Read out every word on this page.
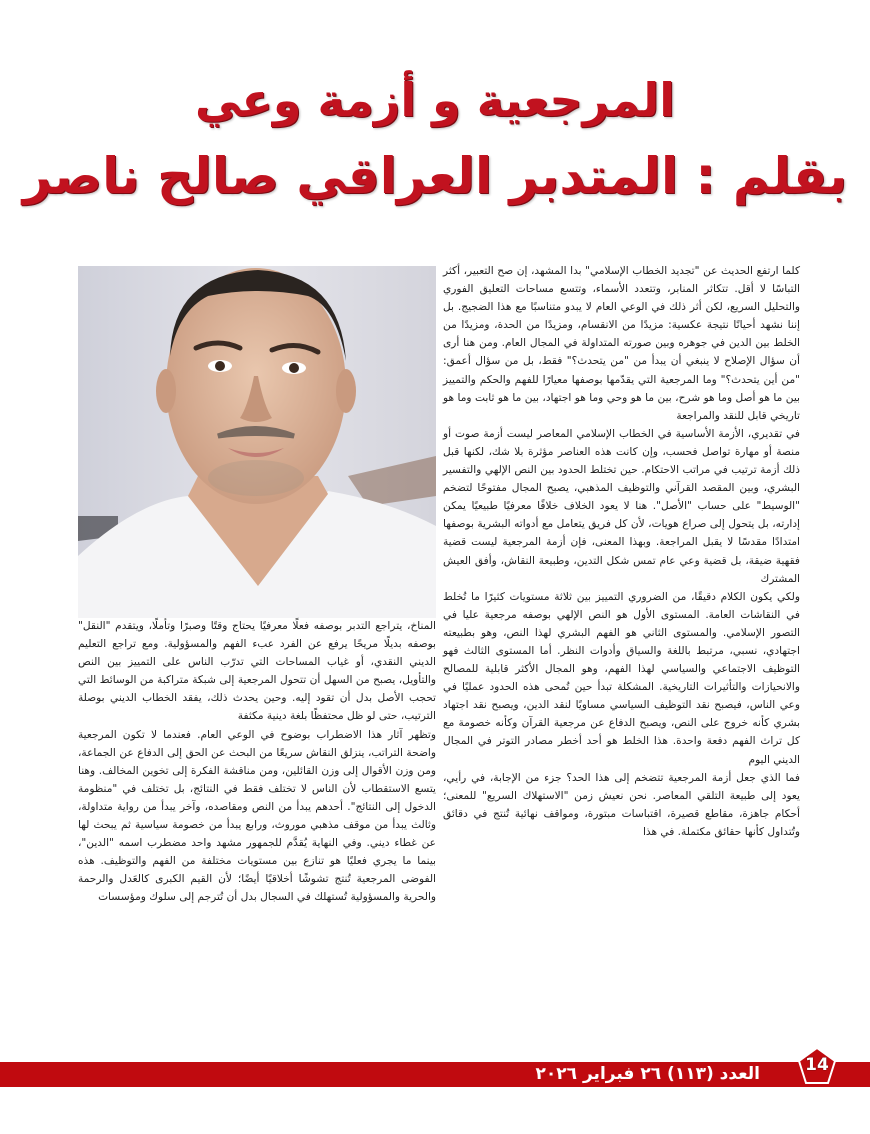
المرجعية و أزمة وعي
بقلم : المتدبر العراقي صالح ناصر

كلما ارتفع الحديث عن "تجديد الخطاب الإسلامي" بدا المشهد، إن صح التعبير، أكثر التباسًا لا أقل. تتكاثر المنابر، وتتعدد الأسماء، وتتسع مساحات التعليق الفوري والتحليل السريع، لكن أثر ذلك في الوعي العام لا يبدو متناسبًا مع هذا الضجيج. بل إننا نشهد أحيانًا نتيجة عكسية: مزيدًا من الانقسام، ومزيدًا من الحدة، ومزيدًا من الخلط بين الدين في جوهره وبين صورته المتداولة في المجال العام. ومن هنا أرى أن سؤال الإصلاح لا ينبغي أن يبدأ من "من يتحدث؟" فقط، بل من سؤال أعمق: "من أين يتحدث؟" وما المرجعية التي يقدّمها بوصفها معيارًا للفهم والحكم والتمييز بين ما هو أصل وما هو شرح، بين ما هو وحي وما هو اجتهاد، بين ما هو ثابت وما هو تاريخي قابل للنقد والمراجعة

في تقديري، الأزمة الأساسية في الخطاب الإسلامي المعاصر ليست أزمة صوت أو منصة أو مهارة تواصل فحسب، وإن كانت هذه العناصر مؤثرة بلا شك، لكنها قبل ذلك أزمة ترتيب في مراتب الاحتكام. حين تختلط الحدود بين النص الإلهي والتفسير البشري، وبين المقصد القرآني والتوظيف المذهبي، يصبح المجال مفتوحًا لتضخم "الوسيط" على حساب "الأصل". هنا لا يعود الخلاف خلافًا معرفيًا طبيعيًا يمكن إدارته، بل يتحول إلى صراع هويات، لأن كل فريق يتعامل مع أدواته البشرية بوصفها امتدادًا مقدسًا لا يقبل المراجعة. وبهذا المعنى، فإن أزمة المرجعية ليست قضية فقهية ضيقة، بل قضية وعي عام تمس شكل التدين، وطبيعة النقاش، وأفق العيش المشترك

ولكي يكون الكلام دقيقًا، من الضروري التمييز بين ثلاثة مستويات كثيرًا ما تُخلط في النقاشات العامة. المستوى الأول هو النص الإلهي بوصفه مرجعية عليا في التصور الإسلامي. والمستوى الثاني هو الفهم البشري لهذا النص، وهو بطبيعته اجتهادي، نسبي، مرتبط باللغة والسياق وأدوات النظر. أما المستوى الثالث فهو التوظيف الاجتماعي والسياسي لهذا الفهم، وهو المجال الأكثر قابلية للمصالح والانحيازات والتأثيرات التاريخية. المشكلة تبدأ حين تُمحى هذه الحدود عمليًا في وعي الناس، فيصبح نقد التوظيف السياسي مساويًا لنقد الدين، ويصبح نقد اجتهاد بشري كأنه خروج على النص، ويصبح الدفاع عن مرجعية القرآن وكأنه خصومة مع كل تراث الفهم دفعة واحدة. هذا الخلط هو أحد أخطر مصادر التوتر في المجال الديني اليوم

فما الذي جعل أزمة المرجعية تتضخم إلى هذا الحد؟ جزء من الإجابة، في رأيي، يعود إلى طبيعة التلقي المعاصر. نحن نعيش زمن "الاستهلاك السريع" للمعنى؛ أحكام جاهزة، مقاطع قصيرة، اقتباسات مبتورة، ومواقف نهائية تُنتج في دقائق وتُتداول كأنها حقائق مكتملة. في هذا

المناخ، يتراجع التدبر بوصفه فعلًا معرفيًا يحتاج وقتًا وصبرًا وتأملًا، ويتقدم "النقل" بوصفه بديلًا مريحًا يرفع عن الفرد عبء الفهم والمسؤولية. ومع تراجع التعليم الديني النقدي، أو غياب المساحات التي تدرّب الناس على التمييز بين النص والتأويل، يصبح من السهل أن تتحول المرجعية إلى شبكة متراكبة من الوسائط التي تحجب الأصل بدل أن تقود إليه. وحين يحدث ذلك، يفقد الخطاب الديني بوصلة الترتيب، حتى لو ظل محتفظًا بلغة دينية مكثفة

وتظهر آثار هذا الاضطراب بوضوح في الوعي العام. فعندما لا تكون المرجعية واضحة التراتب، ينزلق النقاش سريعًا من البحث عن الحق إلى الدفاع عن الجماعة، ومن وزن الأقوال إلى وزن القائلين، ومن مناقشة الفكرة إلى تخوين المخالف. وهنا يتسع الاستقطاب لأن الناس لا تختلف فقط في النتائج، بل تختلف في "منظومة الدخول إلى النتائج". أحدهم يبدأ من النص ومقاصده، وآخر يبدأ من رواية متداولة، وثالث يبدأ من موقف مذهبي موروث، ورابع يبدأ من خصومة سياسية ثم يبحث لها عن غطاء ديني. وفي النهاية يُقدَّم للجمهور مشهد واحد مضطرب اسمه "الدين"، بينما ما يجري فعليًا هو تنازع بين مستويات مختلفة من الفهم والتوظيف. هذه الفوضى المرجعية تُنتج تشوشًا أخلاقيًا أيضًا؛ لأن القيم الكبرى كالعَدل والرحمة والحرية والمسؤولية تُستهلك في السجال بدل أن تُترجم إلى سلوك ومؤسسات

العدد (١١٣) ٢٦ فبراير ٢٠٢٦	14
